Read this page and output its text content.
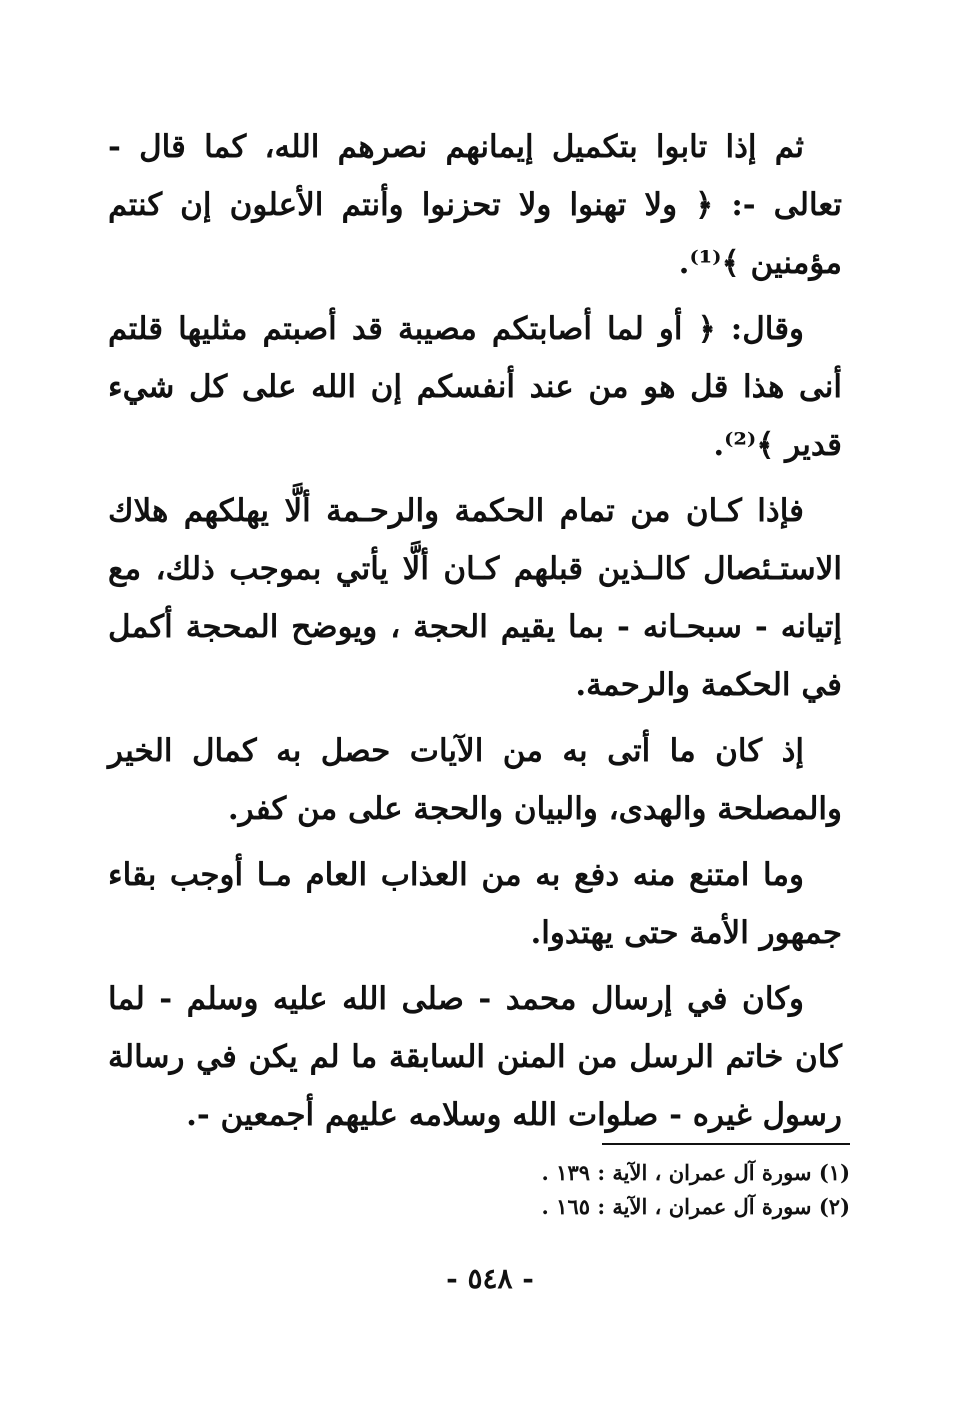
ثم إذا تابوا بتكميل إيمانهم نصرهم الله، كما قال - تعالى -: ﴿ ولا تهنوا ولا تحزنوا وأنتم الأعلون إن كنتم مؤمنين ﴾⁽¹⁾.

وقال: ﴿ أو لما أصابتكم مصيبة قد أصبتم مثليها قلتم أنى هذا قل هو من عند أنفسكم إن الله على كل شيء قدير ﴾⁽²⁾.

فإذا كـان من تمام الحكمة والرحـمة ألَّا يهلكهم هلاك الاستـئصال كالـذين قبلهم كـان ألَّا يأتي بموجب ذلك، مع إتيانه - سبحـانه - بما يقيم الحجة ، ويوضح المحجة أكمل في الحكمة والرحمة.

إذ كان ما أتى به من الآيات حصل به كمال الخير والمصلحة والهدى، والبيان والحجة على من كفر.

وما امتنع منه دفع به من العذاب العام مـا أوجب بقاء جمهور الأمة حتى يهتدوا.

وكان في إرسال محمد - صلى الله عليه وسلم - لما كان خاتم الرسل من المنن السابقة ما لم يكن في رسالة رسول غيره - صلوات الله وسلامه عليهم أجمعين -.

(١) سورة آل عمران ، الآية : ١٣٩ .
(٢) سورة آل عمران ، الآية : ١٦٥ .
- ٥٤٨ -
